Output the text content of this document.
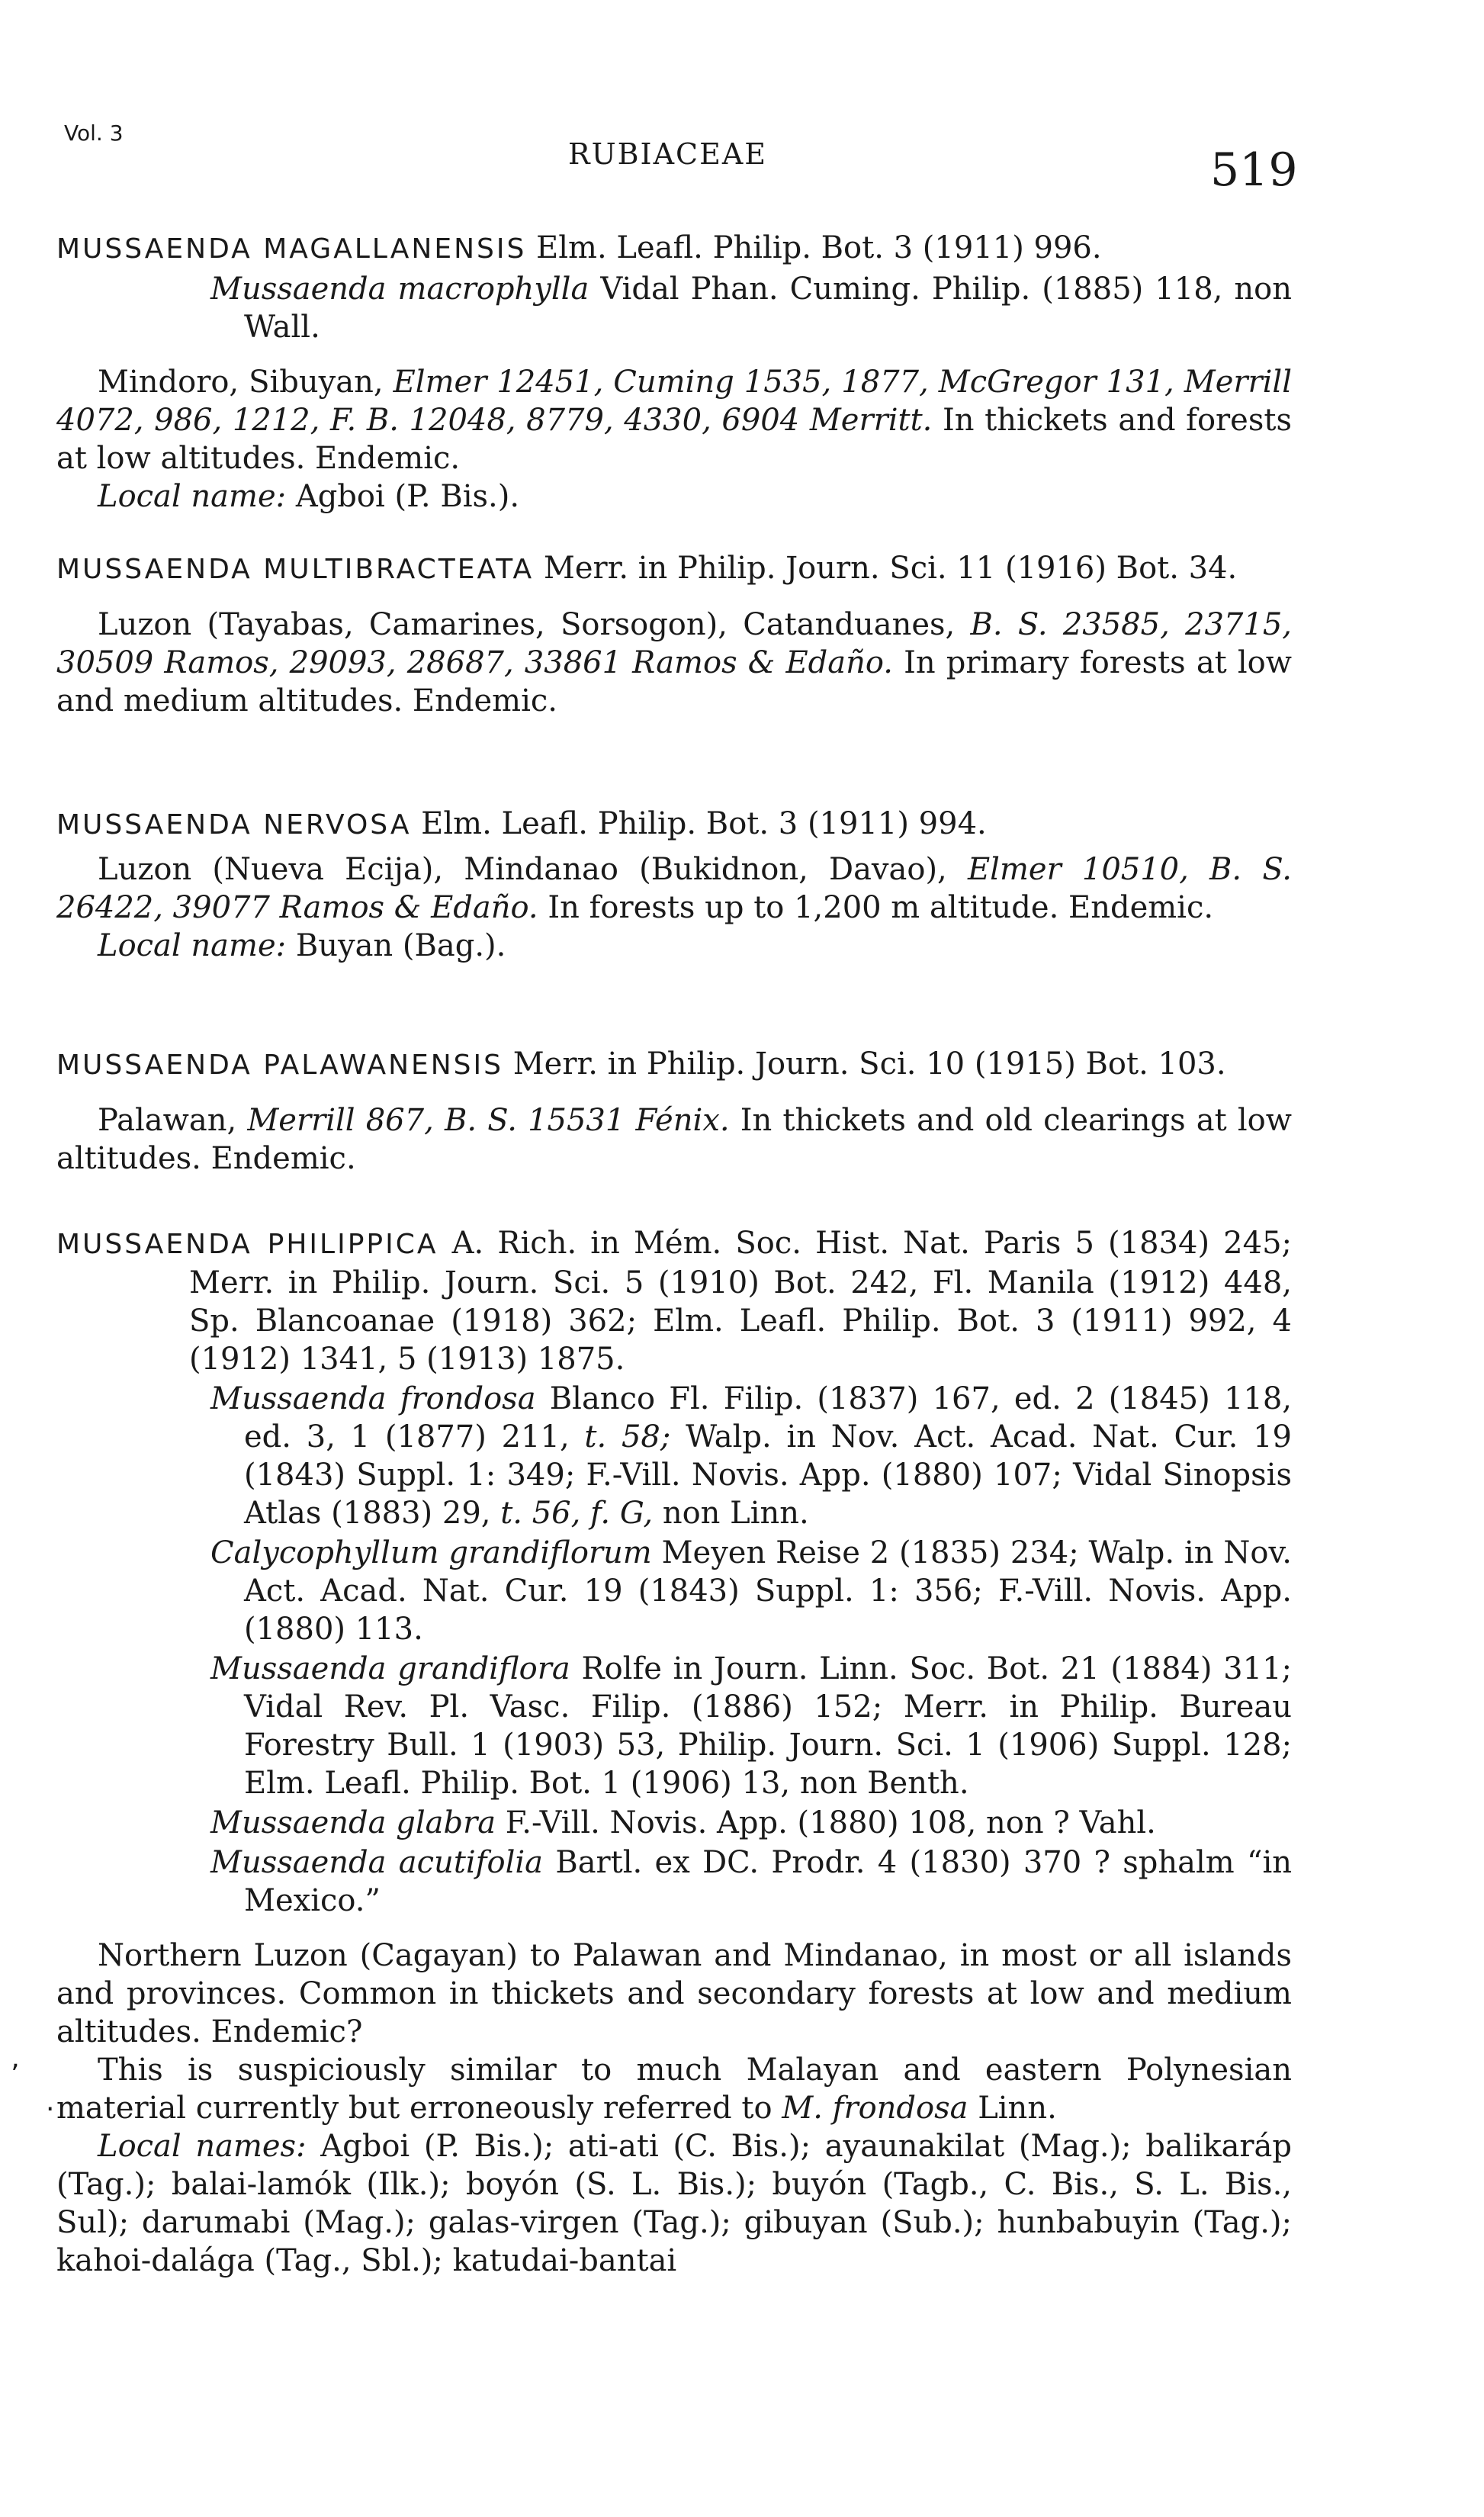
Vol. 3
RUBIACEAE	519

MUSSAENDA MAGALLANENSIS Elm. Leafl. Philip. Bot. 3 (1911) 996.

Mussaenda macrophylla Vidal Phan. Cuming. Philip. (1885) 118, non Wall.

Mindoro, Sibuyan, Elmer 12451, Cuming 1535, 1877, McGregor 131, Merrill 4072, 986, 1212, F. B. 12048, 8779, 4330, 6904 Merritt. In thickets and forests at low altitudes. Endemic.

Local name: Agboi (P. Bis.).

MUSSAENDA MULTIBRACTEATA Merr. in Philip. Journ. Sci. 11 (1916) Bot. 34.

Luzon (Tayabas, Camarines, Sorsogon), Catanduanes, B. S. 23585, 23715, 30509 Ramos, 29093, 28687, 33861 Ramos & Edaño. In primary forests at low and medium altitudes. Endemic.

MUSSAENDA NERVOSA Elm. Leafl. Philip. Bot. 3 (1911) 994.

Luzon (Nueva Ecija), Mindanao (Bukidnon, Davao), Elmer 10510, B. S. 26422, 39077 Ramos & Edaño. In forests up to 1,200 m altitude. Endemic.

Local name: Buyan (Bag.).

MUSSAENDA PALAWANENSIS Merr. in Philip. Journ. Sci. 10 (1915) Bot. 103.

Palawan, Merrill 867, B. S. 15531 Fénix. In thickets and old clearings at low altitudes. Endemic.

MUSSAENDA PHILIPPICA A. Rich. in Mém. Soc. Hist. Nat. Paris 5 (1834) 245; Merr. in Philip. Journ. Sci. 5 (1910) Bot. 242, Fl. Manila (1912) 448, Sp. Blancoanae (1918) 362; Elm. Leafl. Philip. Bot. 3 (1911) 992, 4 (1912) 1341, 5 (1913) 1875.

Mussaenda frondosa Blanco Fl. Filip. (1837) 167, ed. 2 (1845) 118, ed. 3, 1 (1877) 211, t. 58; Walp. in Nov. Act. Acad. Nat. Cur. 19 (1843) Suppl. 1: 349; F.-Vill. Novis. App. (1880) 107; Vidal Sinopsis Atlas (1883) 29, t. 56, f. G, non Linn.

Calycophyllum grandiflorum Meyen Reise 2 (1835) 234; Walp. in Nov. Act. Acad. Nat. Cur. 19 (1843) Suppl. 1: 356; F.-Vill. Novis. App. (1880) 113.

Mussaenda grandiflora Rolfe in Journ. Linn. Soc. Bot. 21 (1884) 311; Vidal Rev. Pl. Vasc. Filip. (1886) 152; Merr. in Philip. Bureau Forestry Bull. 1 (1903) 53, Philip. Journ. Sci. 1 (1906) Suppl. 128; Elm. Leafl. Philip. Bot. 1 (1906) 13, non Benth.

Mussaenda glabra F.-Vill. Novis. App. (1880) 108, non ? Vahl.

Mussaenda acutifolia Bartl. ex DC. Prodr. 4 (1830) 370 ? sphalm “in Mexico.”

Northern Luzon (Cagayan) to Palawan and Mindanao, in most or all islands and provinces. Common in thickets and secondary forests at low and medium altitudes. Endemic?

This is suspiciously similar to much Malayan and eastern Polynesian material currently but erroneously referred to M. frondosa Linn.

Local names: Agboi (P. Bis.); ati-ati (C. Bis.); ayaunakilat (Mag.); balikaráp (Tag.); balai-lamók (Ilk.); boyón (S. L. Bis.); buyón (Tagb., C. Bis., S. L. Bis., Sul); darumabi (Mag.); galas-virgen (Tag.); gibuyan (Sub.); hunbabuyin (Tag.); kahoi-dalága (Tag., Sbl.); katudai-bantai

’
·
